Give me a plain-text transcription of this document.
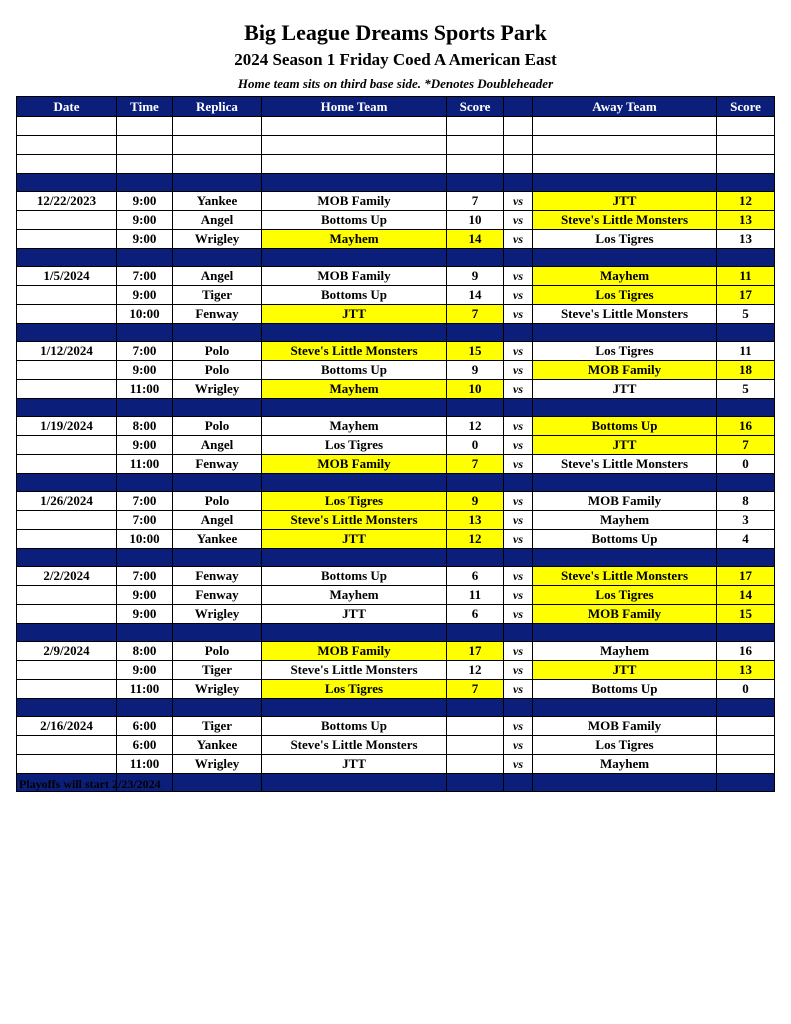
Big League Dreams Sports Park
2024 Season 1 Friday Coed A American East
Home team sits on third base side. *Denotes Doubleheader
Date	Time	Replica	Home Team	Score		Away Team	Score

12/22/2023	9:00	Yankee	MOB Family	7	vs	JTT	12
	9:00	Angel	Bottoms Up	10	vs	Steve's Little Monsters	13
	9:00	Wrigley	Mayhem	14	vs	Los Tigres	13

1/5/2024	7:00	Angel	MOB Family	9	vs	Mayhem	11
	9:00	Tiger	Bottoms Up	14	vs	Los Tigres	17
	10:00	Fenway	JTT	7	vs	Steve's Little Monsters	5

1/12/2024	7:00	Polo	Steve's Little Monsters	15	vs	Los Tigres	11
	9:00	Polo	Bottoms Up	9	vs	MOB Family	18
	11:00	Wrigley	Mayhem	10	vs	JTT	5

1/19/2024	8:00	Polo	Mayhem	12	vs	Bottoms Up	16
	9:00	Angel	Los Tigres	0	vs	JTT	7
	11:00	Fenway	MOB Family	7	vs	Steve's Little Monsters	0

1/26/2024	7:00	Polo	Los Tigres	9	vs	MOB Family	8
	7:00	Angel	Steve's Little Monsters	13	vs	Mayhem	3
	10:00	Yankee	JTT	12	vs	Bottoms Up	4

2/2/2024	7:00	Fenway	Bottoms Up	6	vs	Steve's Little Monsters	17
	9:00	Fenway	Mayhem	11	vs	Los Tigres	14
	9:00	Wrigley	JTT	6	vs	MOB Family	15

2/9/2024	8:00	Polo	MOB Family	17	vs	Mayhem	16
	9:00	Tiger	Steve's Little Monsters	12	vs	JTT	13
	11:00	Wrigley	Los Tigres	7	vs	Bottoms Up	0

2/16/2024	6:00	Tiger	Bottoms Up		vs	MOB Family	
	6:00	Yankee	Steve's Little Monsters		vs	Los Tigres	
	11:00	Wrigley	JTT		vs	Mayhem	

Playoffs will start 2/23/2024
